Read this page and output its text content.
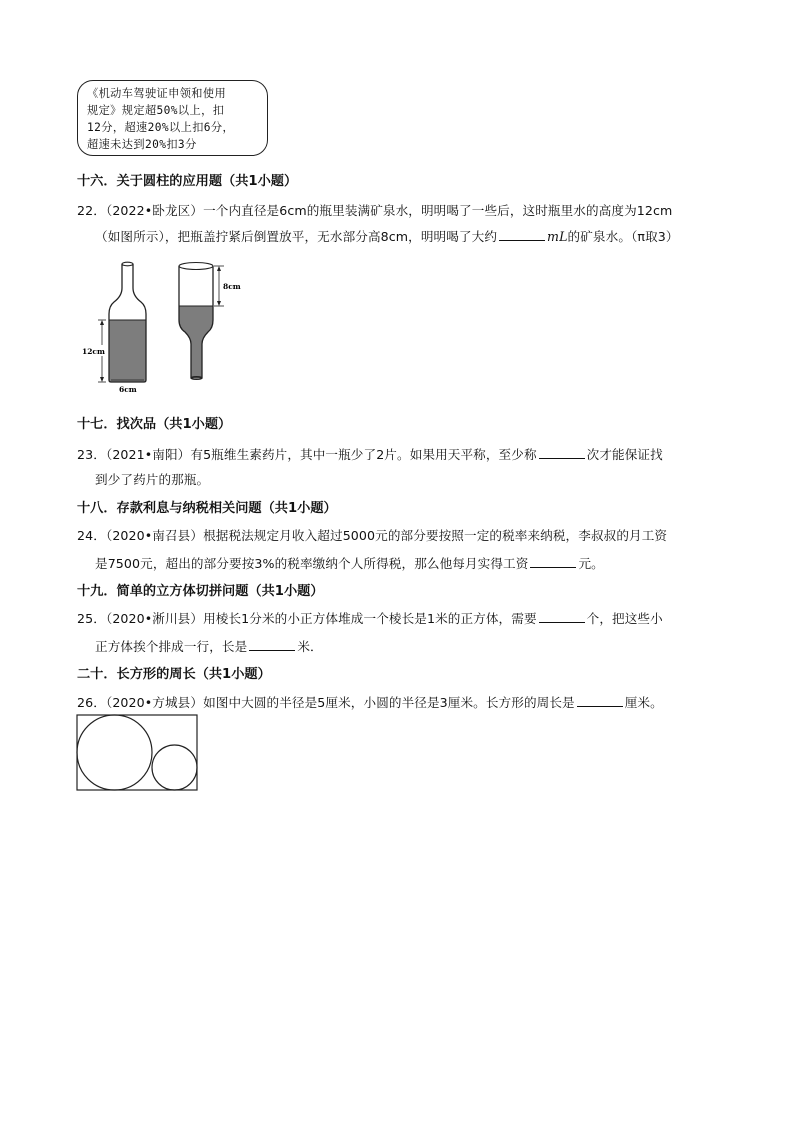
《机动车驾驶证申领和使用
规定》规定超50%以上，扣
12分，超速20%以上扣6分，
超速未达到20%扣3分
十六．关于圆柱的应用题（共1小题）
22．（2022•卧龙区）一个内直径是6cm的瓶里装满矿泉水，明明喝了一些后，这时瓶里水的高度为12cm
（如图所示），把瓶盖拧紧后倒置放平，无水部分高8cm，明明喝了大约	mL的矿泉水。（π取3）
12cm
6cm
8cm
十七．找次品（共1小题）
23．（2021•南阳）有5瓶维生素药片，其中一瓶少了2片。如果用天平称，至少称	次才能保证找
到少了药片的那瓶。
十八．存款利息与纳税相关问题（共1小题）
24．（2020•南召县）根据税法规定月收入超过5000元的部分要按照一定的税率来纳税，李叔叔的月工资
是7500元，超出的部分要按3%的税率缴纳个人所得税，那么他每月实得工资	元。
十九．简单的立方体切拼问题（共1小题）
25．（2020•淅川县）用棱长1分米的小正方体堆成一个棱长是1米的正方体，需要	个，把这些小
正方体挨个排成一行，长是	米．
二十．长方形的周长（共1小题）
26．（2020•方城县）如图中大圆的半径是5厘米，小圆的半径是3厘米。长方形的周长是	厘米。
